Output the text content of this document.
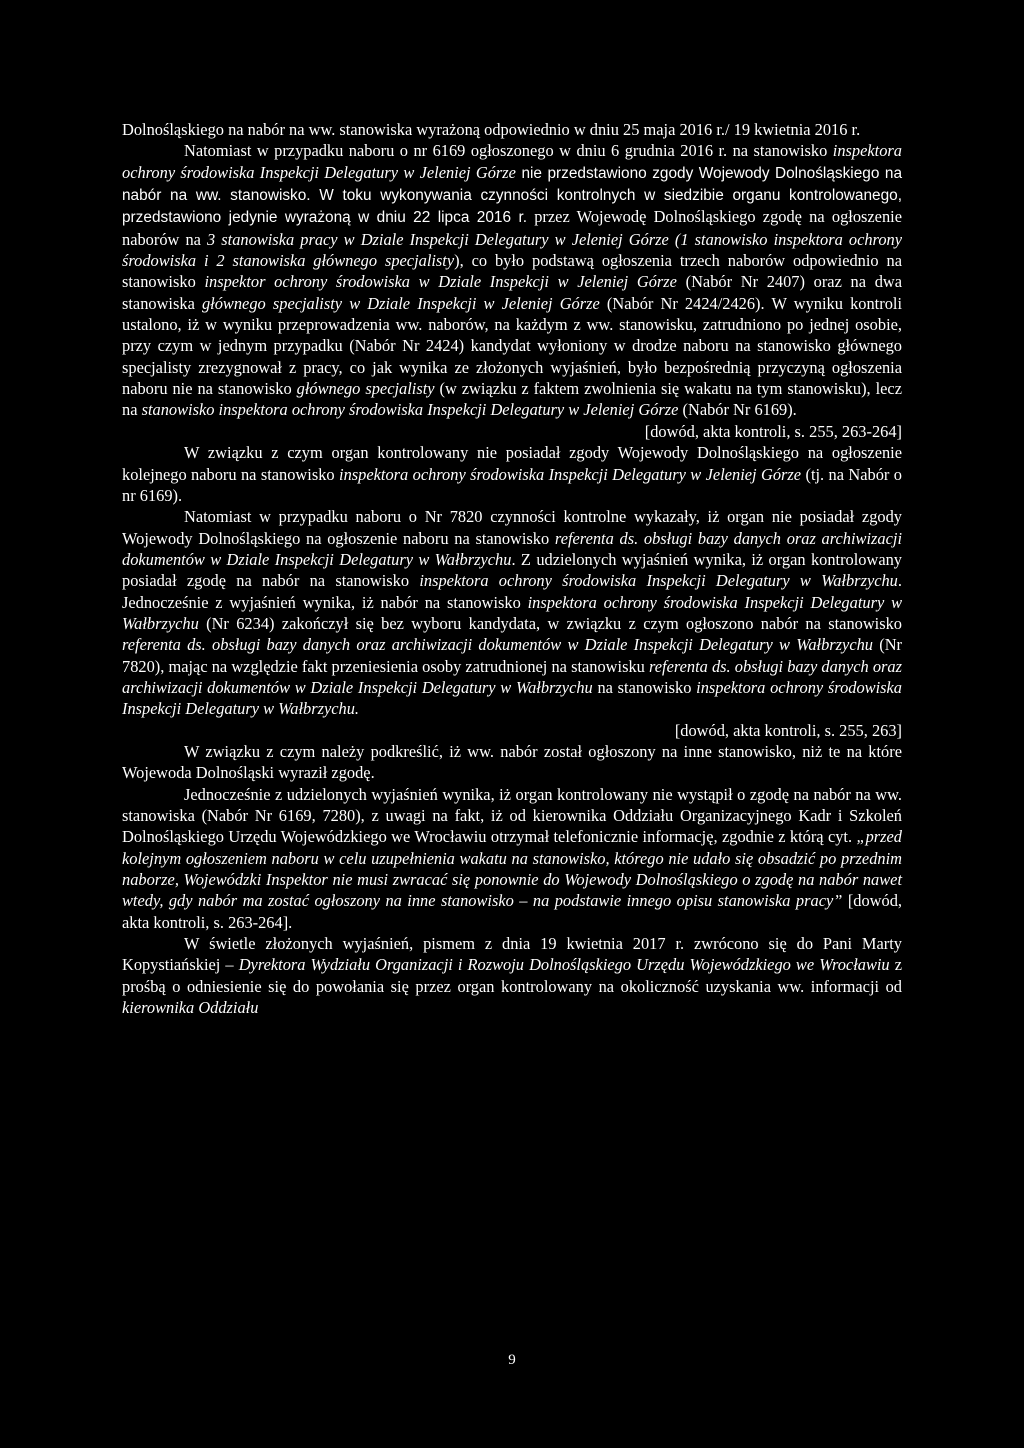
Dolnośląskiego na nabór na ww. stanowiska wyrażoną odpowiednio w dniu 25 maja 2016 r./ 19 kwietnia 2016 r.

Natomiast w przypadku naboru o nr 6169 ogłoszonego w dniu 6 grudnia 2016 r. na stanowisko inspektora ochrony środowiska Inspekcji Delegatury w Jeleniej Górze nie przedstawiono zgody Wojewody Dolnośląskiego na nabór na ww. stanowisko. W toku wykonywania czynności kontrolnych w siedzibie organu kontrolowanego, przedstawiono jedynie wyrażoną w dniu 22 lipca 2016 r. przez Wojewodę Dolnośląskiego zgodę na ogłoszenie naborów na 3 stanowiska pracy w Dziale Inspekcji Delegatury w Jeleniej Górze (1 stanowisko inspektora ochrony środowiska i 2 stanowiska głównego specjalisty), co było podstawą ogłoszenia trzech naborów odpowiednio na stanowisko inspektor ochrony środowiska w Dziale Inspekcji w Jeleniej Górze (Nabór Nr 2407) oraz na dwa stanowiska głównego specjalisty w Dziale Inspekcji w Jeleniej Górze (Nabór Nr 2424/2426). W wyniku kontroli ustalono, iż w wyniku przeprowadzenia ww. naborów, na każdym z ww. stanowisku, zatrudniono po jednej osobie, przy czym w jednym przypadku (Nabór Nr 2424) kandydat wyłoniony w drodze naboru na stanowisko głównego specjalisty zrezygnował z pracy, co jak wynika ze złożonych wyjaśnień, było bezpośrednią przyczyną ogłoszenia naboru nie na stanowisko głównego specjalisty (w związku z faktem zwolnienia się wakatu na tym stanowisku), lecz na stanowisko inspektora ochrony środowiska Inspekcji Delegatury w Jeleniej Górze (Nabór Nr 6169).

[dowód, akta kontroli, s. 255, 263-264]

W związku z czym organ kontrolowany nie posiadał zgody Wojewody Dolnośląskiego na ogłoszenie kolejnego naboru na stanowisko inspektora ochrony środowiska Inspekcji Delegatury w Jeleniej Górze (tj. na Nabór o nr 6169).

Natomiast w przypadku naboru o Nr 7820 czynności kontrolne wykazały, iż organ nie posiadał zgody Wojewody Dolnośląskiego na ogłoszenie naboru na stanowisko referenta ds. obsługi bazy danych oraz archiwizacji dokumentów w Dziale Inspekcji Delegatury w Wałbrzychu. Z udzielonych wyjaśnień wynika, iż organ kontrolowany posiadał zgodę na nabór na stanowisko inspektora ochrony środowiska Inspekcji Delegatury w Wałbrzychu. Jednocześnie z wyjaśnień wynika, iż nabór na stanowisko inspektora ochrony środowiska Inspekcji Delegatury w Wałbrzychu (Nr 6234) zakończył się bez wyboru kandydata, w związku z czym ogłoszono nabór na stanowisko referenta ds. obsługi bazy danych oraz archiwizacji dokumentów w Dziale Inspekcji Delegatury w Wałbrzychu (Nr 7820), mając na względzie fakt przeniesienia osoby zatrudnionej na stanowisku referenta ds. obsługi bazy danych oraz archiwizacji dokumentów w Dziale Inspekcji Delegatury w Wałbrzychu na stanowisko inspektora ochrony środowiska Inspekcji Delegatury w Wałbrzychu.

[dowód, akta kontroli, s. 255, 263]

W związku z czym należy podkreślić, iż ww. nabór został ogłoszony na inne stanowisko, niż te na które Wojewoda Dolnośląski wyraził zgodę.

Jednocześnie z udzielonych wyjaśnień wynika, iż organ kontrolowany nie wystąpił o zgodę na nabór na ww. stanowiska (Nabór Nr 6169, 7280), z uwagi na fakt, iż od kierownika Oddziału Organizacyjnego Kadr i Szkoleń Dolnośląskiego Urzędu Wojewódzkiego we Wrocławiu otrzymał telefonicznie informację, zgodnie z którą cyt. „przed kolejnym ogłoszeniem naboru w celu uzupełnienia wakatu na stanowisko, którego nie udało się obsadzić po przednim naborze, Wojewódzki Inspektor nie musi zwracać się ponownie do Wojewody Dolnośląskiego o zgodę na nabór nawet wtedy, gdy nabór ma zostać ogłoszony na inne stanowisko – na podstawie innego opisu stanowiska pracy” [dowód, akta kontroli, s. 263-264].

W świetle złożonych wyjaśnień, pismem z dnia 19 kwietnia 2017 r. zwrócono się do Pani Marty Kopystiańskiej – Dyrektora Wydziału Organizacji i Rozwoju Dolnośląskiego Urzędu Wojewódzkiego we Wrocławiu z prośbą o odniesienie się do powołania się przez organ kontrolowany na okoliczność uzyskania ww. informacji od kierownika Oddziału

9
